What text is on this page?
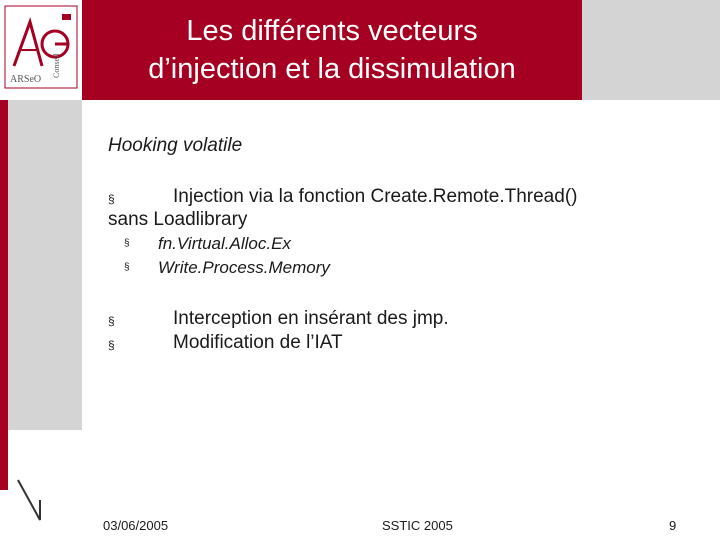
ARSeO
Conseil
Les différents vecteurs
d’injection et la dissimulation
Hooking volatile
§	Injection via la fonction Create.Remote.Thread()
sans Loadlibrary
§ fn.Virtual.Alloc.Ex
§ Write.Process.Memory
§	Interception en insérant des jmp.
§	Modification de l’IAT
03/06/2005	SSTIC 2005	9
